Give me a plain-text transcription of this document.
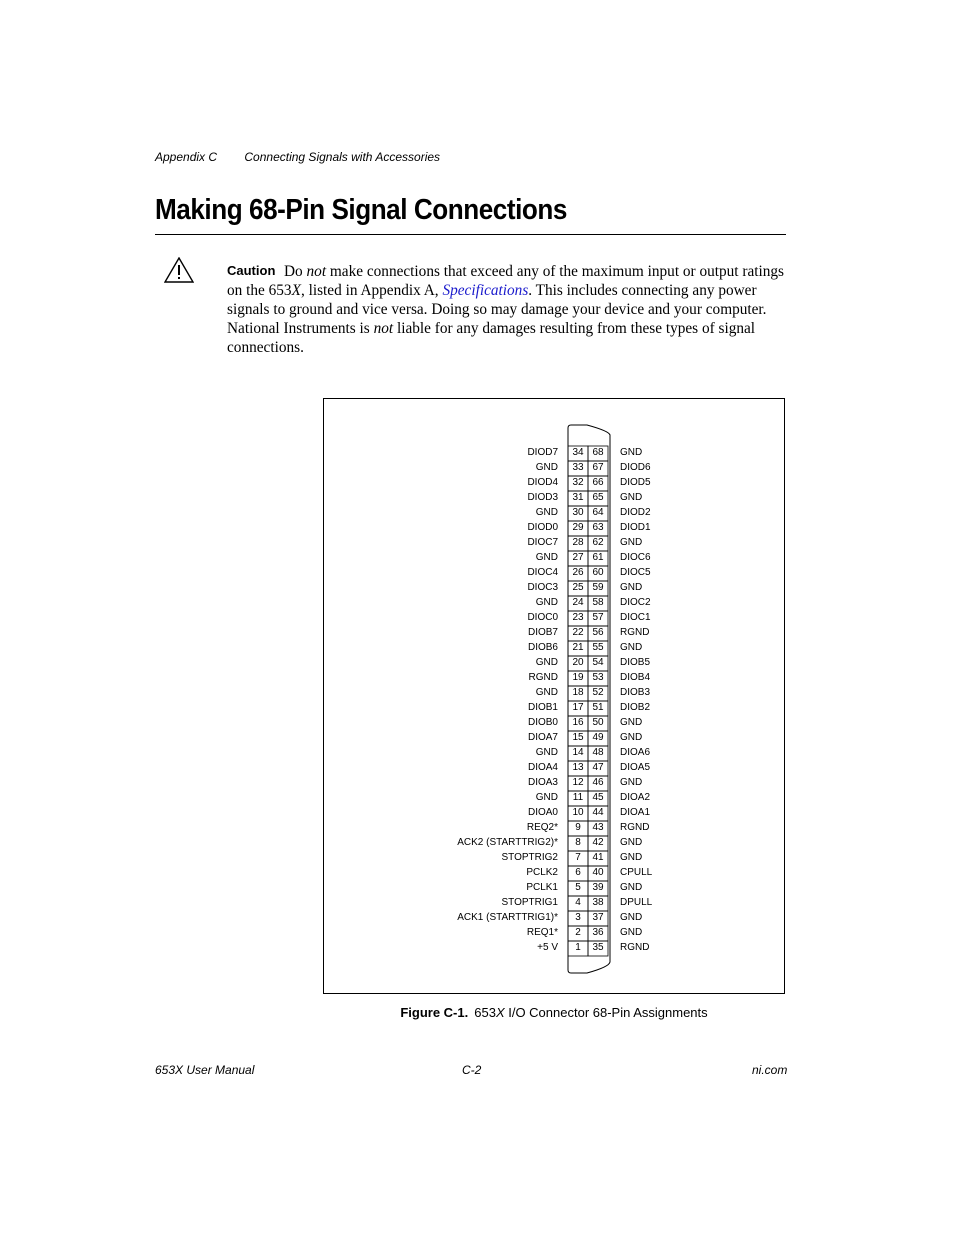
Appendix C Connecting Signals with Accessories
Making 68-Pin Signal Connections
Caution Do not make connections that exceed any of the maximum input or output ratings on the 653X, listed in Appendix A, Specifications. This includes connecting any power signals to ground and vice versa. Doing so may damage your device and your computer. National Instruments is not liable for any damages resulting from these types of signal connections.
DIOD7	34 68	GND
GND	33 67	DIOD6
DIOD4	32 66	DIOD5
DIOD3	31 65	GND
GND	30 64	DIOD2
DIOD0	29 63	DIOD1
DIOC7	28 62	GND
GND	27 61	DIOC6
DIOC4	26 60	DIOC5
DIOC3	25 59	GND
GND	24 58	DIOC2
DIOC0	23 57	DIOC1
DIOB7	22 56	RGND
DIOB6	21 55	GND
GND	20 54	DIOB5
RGND	19 53	DIOB4
GND	18 52	DIOB3
DIOB1	17 51	DIOB2
DIOB0	16 50	GND
DIOA7	15 49	GND
GND	14 48	DIOA6
DIOA4	13 47	DIOA5
DIOA3	12 46	GND
GND	11 45	DIOA2
DIOA0	10 44	DIOA1
REQ2*	9	43	RGND
ACK2 (STARTTRIG2)*	8	42	GND
STOPTRIG2	7	41	GND
PCLK2	6	40	CPULL
PCLK1	5	39	GND
STOPTRIG1	4	38	DPULL
ACK1 (STARTTRIG1)*	3	37	GND
REQ1*	2	36	GND
+5 V	1	35	RGND
Figure C-1. 653X I/O Connector 68-Pin Assignments
653X User Manual	C-2	ni.com
